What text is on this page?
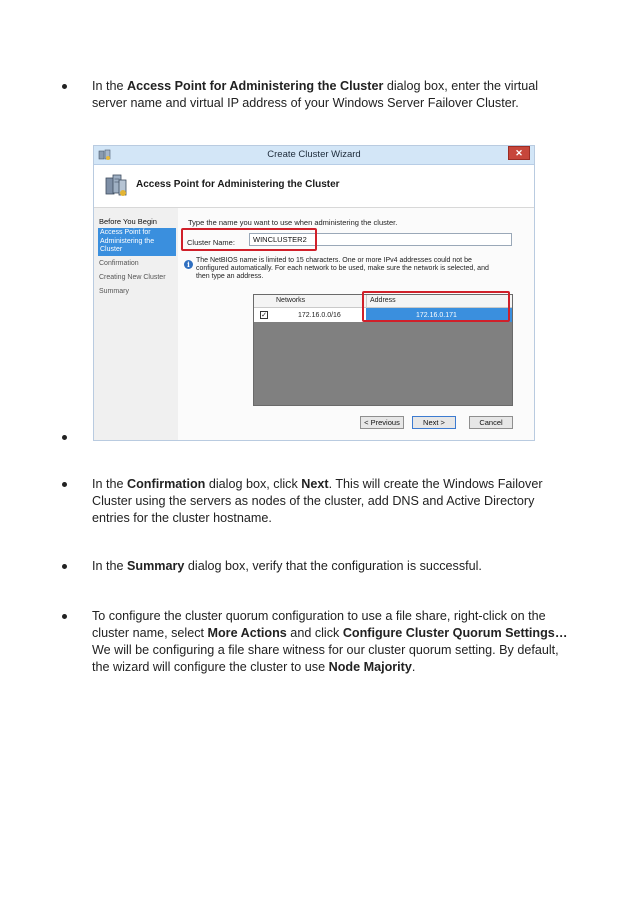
In the Access Point for Administering the Cluster dialog box, enter the virtual server name and virtual IP address of your Windows Server Failover Cluster.
Create Cluster Wizard	✕
Access Point for Administering the Cluster
Before You Begin
Access Point for Administering the Cluster
Confirmation
Creating New Cluster
Summary
Type the name you want to use when administering the cluster.
Cluster Name:	WINCLUSTER2
i The NetBIOS name is limited to 15 characters. One or more IPv4 addresses could not be configured automatically. For each network to be used, make sure the network is selected, and then type an address.
Networks	Address
✓	172.16.0.0/16	172.16.0.171
< Previous	Next >	Cancel
In the Confirmation dialog box, click Next. This will create the Windows Failover Cluster using the servers as nodes of the cluster, add DNS and Active Directory entries for the cluster hostname.
In the Summary dialog box, verify that the configuration is successful.
To configure the cluster quorum configuration to use a file share, right-click on the cluster name, select More Actions and click Configure Cluster Quorum Settings… We will be configuring a file share witness for our cluster quorum setting. By default, the wizard will configure the cluster to use Node Majority.
